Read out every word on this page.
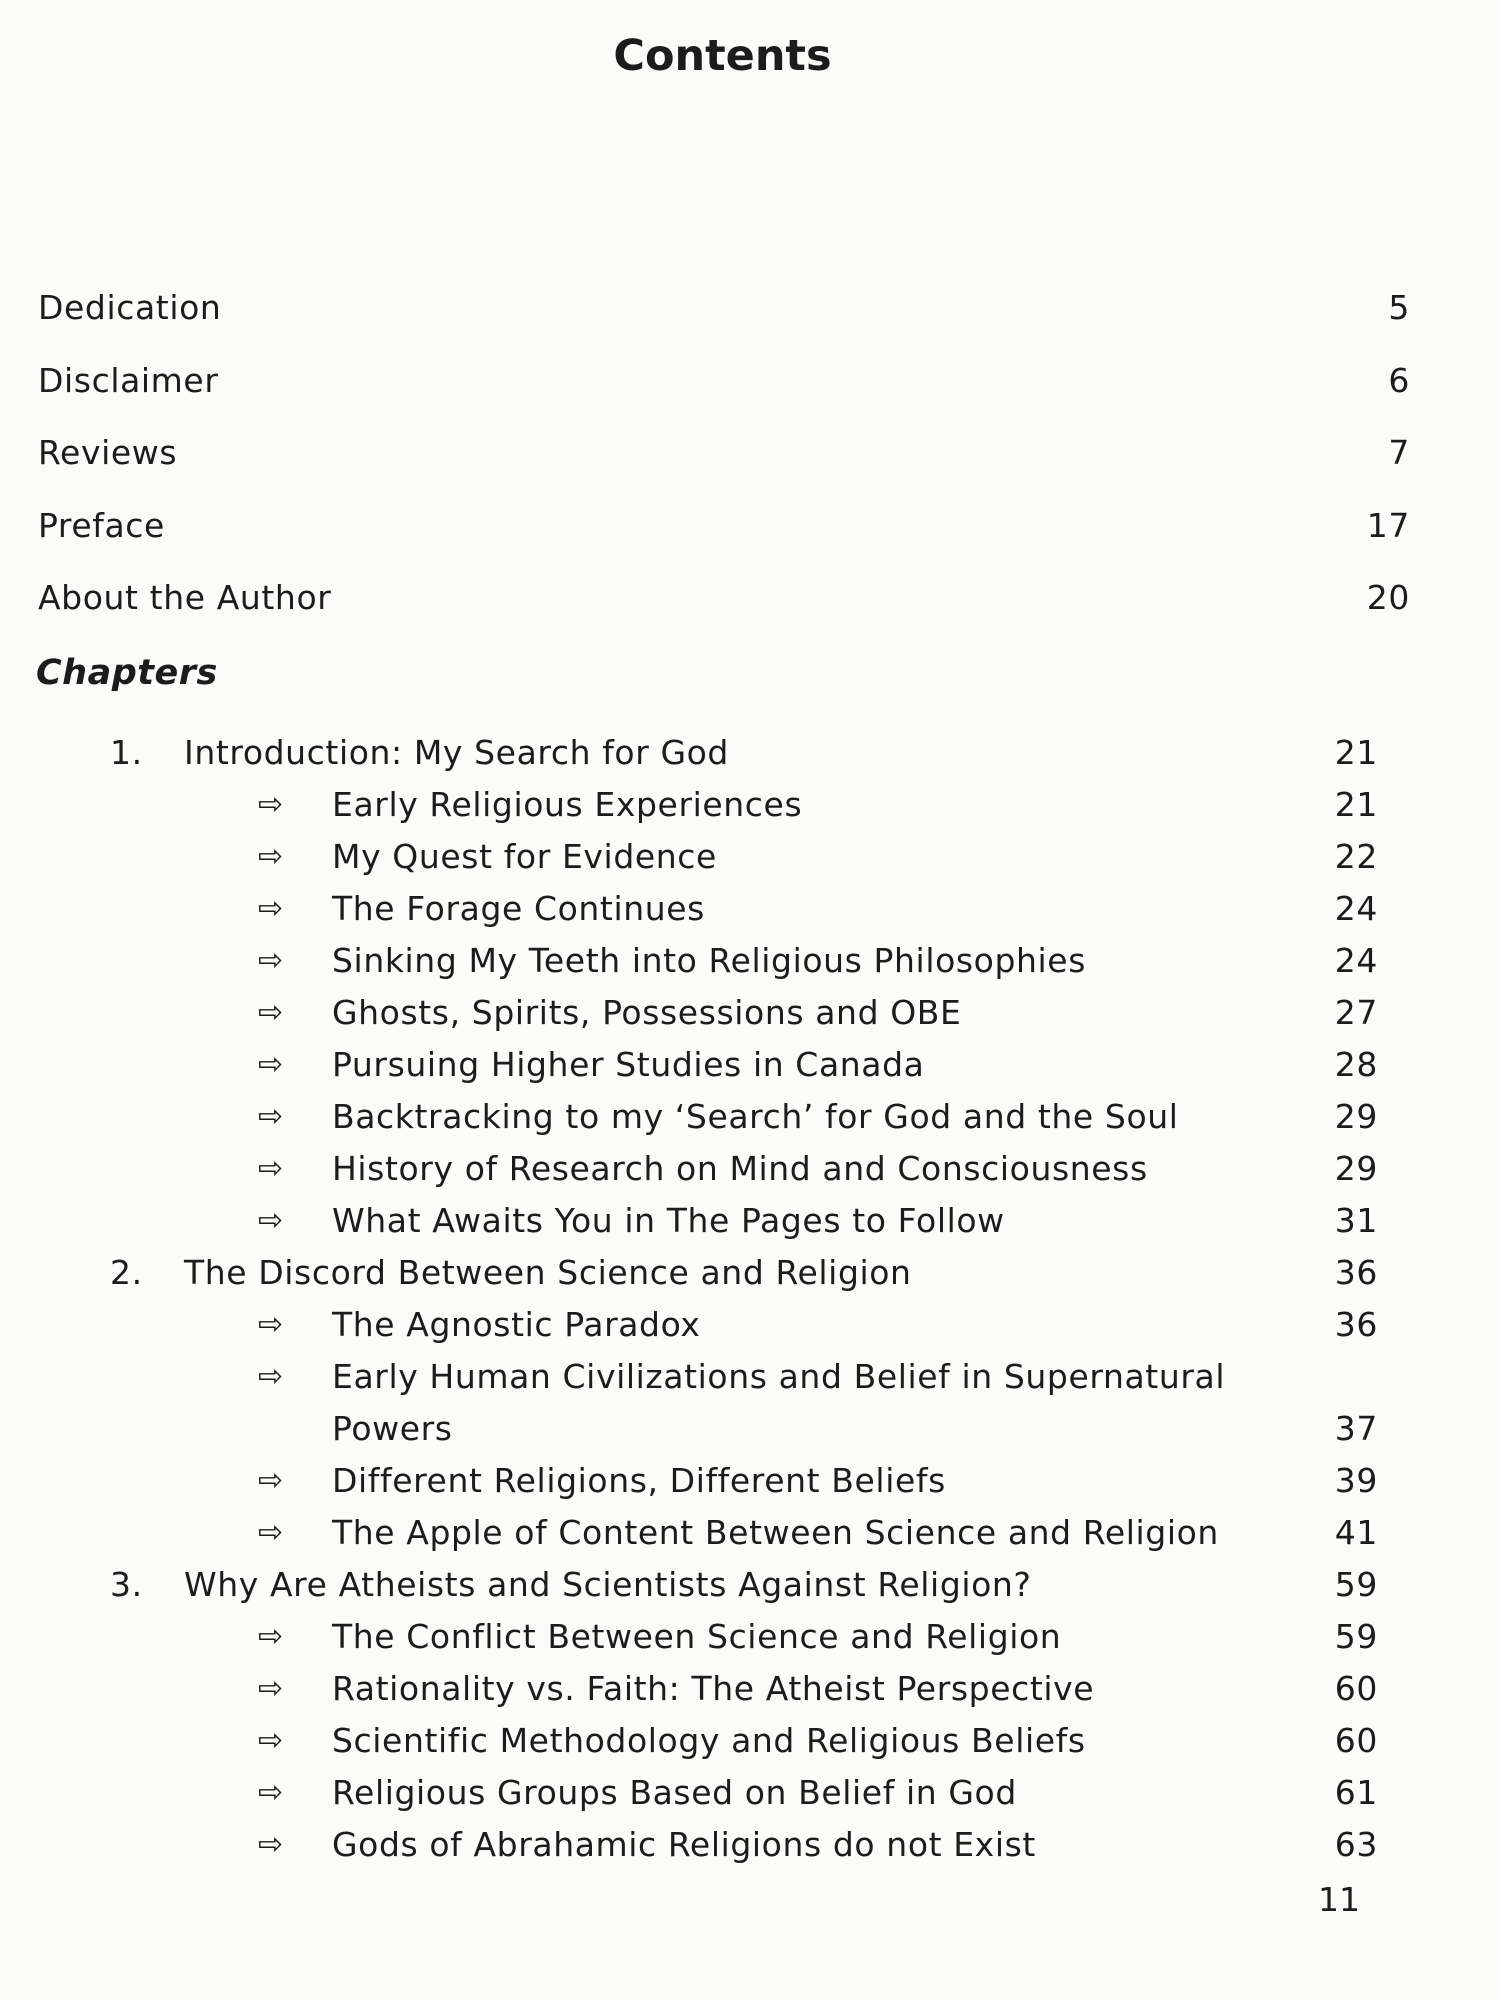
Contents
Dedication	5
Disclaimer	6
Reviews	7
Preface	17
About the Author	20
Chapters
1. Introduction: My Search for God	21
⇨ Early Religious Experiences	21
⇨ My Quest for Evidence	22
⇨ The Forage Continues	24
⇨ Sinking My Teeth into Religious Philosophies	24
⇨ Ghosts, Spirits, Possessions and OBE	27
⇨ Pursuing Higher Studies in Canada	28
⇨ Backtracking to my ‘Search’ for God and the Soul	29
⇨ History of Research on Mind and Consciousness	29
⇨ What Awaits You in The Pages to Follow	31
2. The Discord Between Science and Religion	36
⇨ The Agnostic Paradox	36
⇨ Early Human Civilizations and Belief in Supernatural
Powers	37
⇨ Different Religions, Different Beliefs	39
⇨ The Apple of Content Between Science and Religion	41
3. Why Are Atheists and Scientists Against Religion?	59
⇨ The Conflict Between Science and Religion	59
⇨ Rationality vs. Faith: The Atheist Perspective	60
⇨ Scientific Methodology and Religious Beliefs	60
⇨ Religious Groups Based on Belief in God	61
⇨ Gods of Abrahamic Religions do not Exist	63
11
